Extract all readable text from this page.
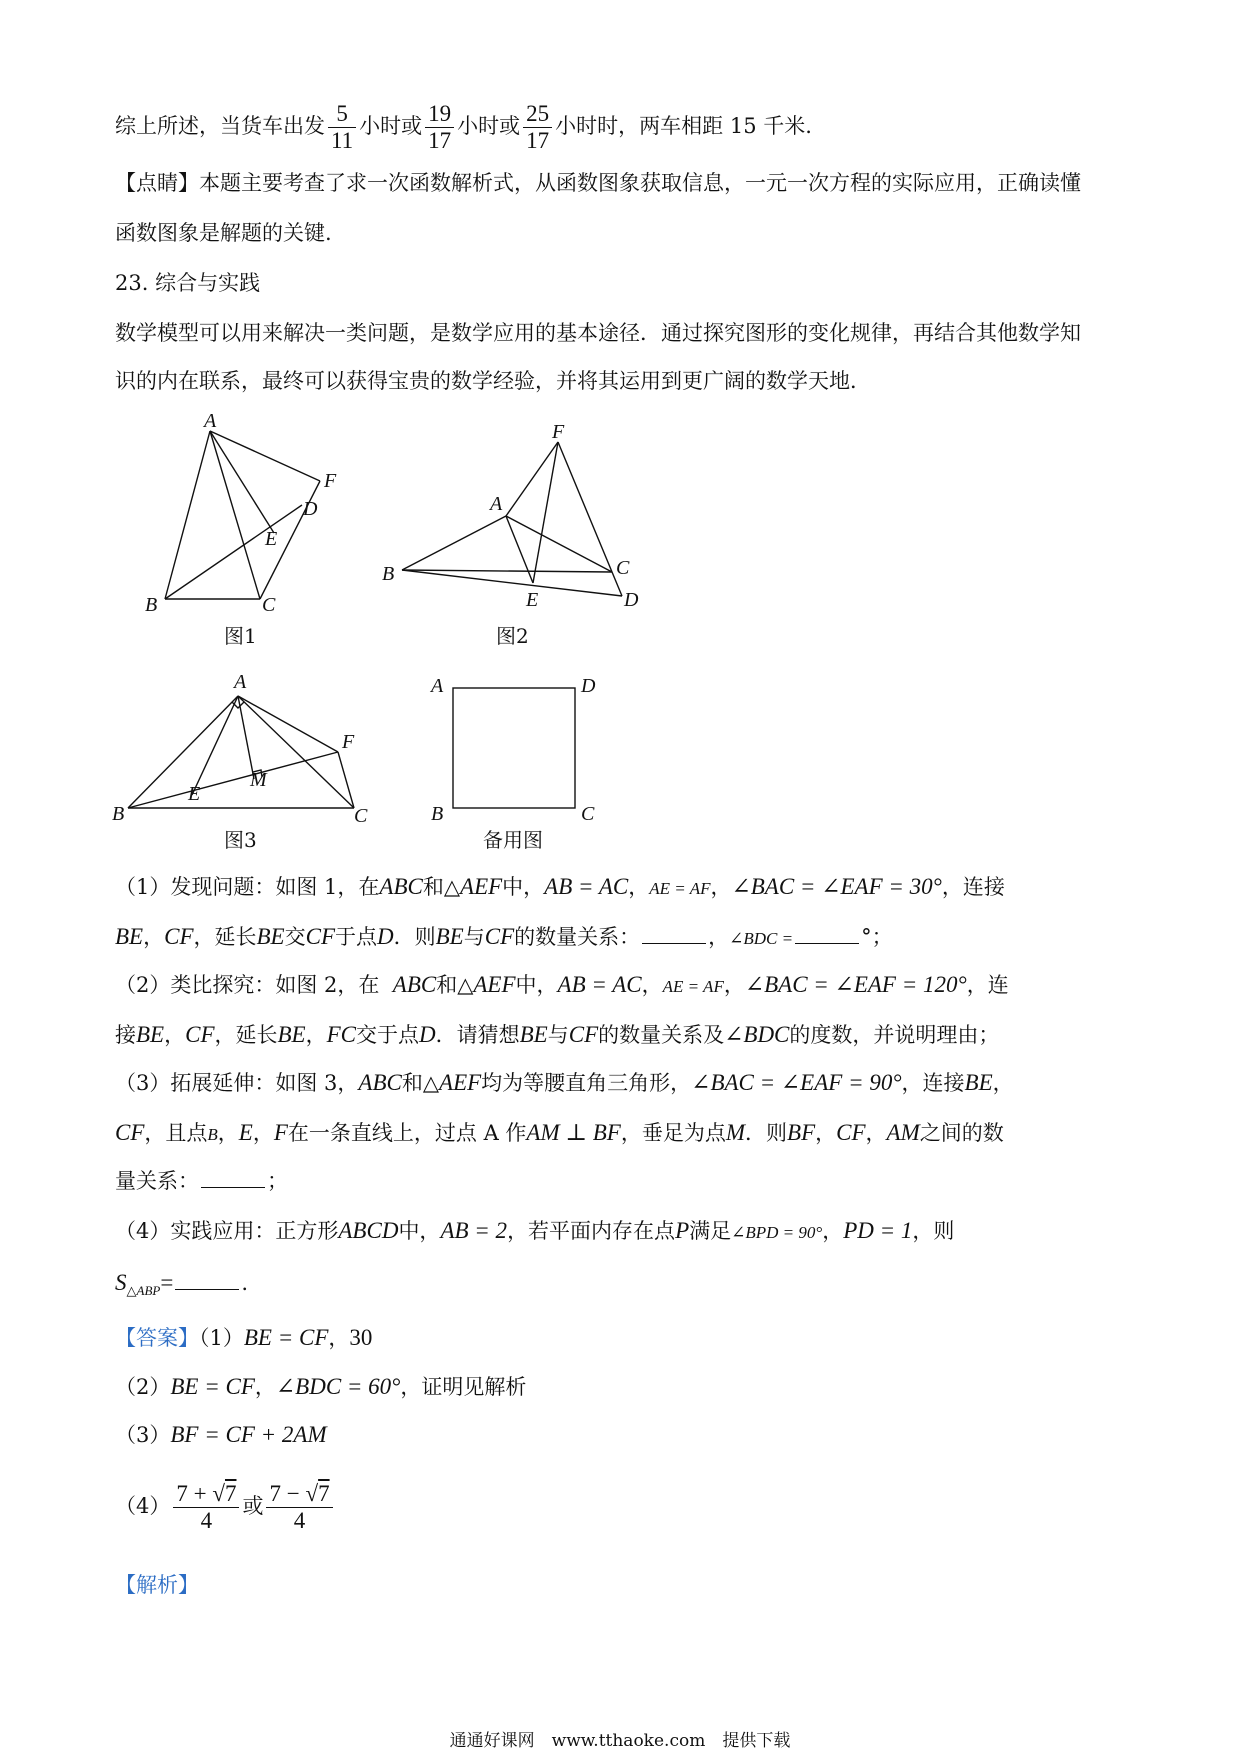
综上所述，当货车出发 $\frac{5}{11}$ 小时或 $\frac{19}{17}$ 小时或 $\frac{25}{17}$ 小时时，两车相距 15 千米.
【点睛】本题主要考查了求一次函数解析式，从函数图象获取信息，一元一次方程的实际应用，正确读懂
函数图象是解题的关键.
23. 综合与实践
数学模型可以用来解决一类问题，是数学应用的基本途径．通过探究图形的变化规律，再结合其他数学知
识的内在联系，最终可以获得宝贵的数学经验，并将其运用到更广阔的数学天地．
A
B	C
D
E
F
图1
F
A
B	C
E	D
图2
A
B	C
E
F
M
图3
A	D
B	C
备用图
（1）发现问题：如图 1，在ABC和△AEF中，AB = AC，AE = AF，∠BAC = ∠EAF = 30°，连接
BE，CF，延长BE交CF于点D．则BE与CF的数量关系：	，∠BDC =	°；
（2）类比探究：如图 2，在 ABC和△AEF中，AB = AC，AE = AF，∠BAC = ∠EAF = 120°，连
接BE，CF，延长BE，FC交于点D．请猜想BE与CF的数量关系及∠BDC的度数，并说明理由；
（3）拓展延伸：如图 3，ABC和△AEF均为等腰直角三角形，∠BAC = ∠EAF = 90°，连接BE，
CF，且点B，E，F在一条直线上，过点 A 作AM ⊥ BF，垂足为点M．则BF，CF，AM之间的数
量关系：	；
（4）实践应用：正方形ABCD中，AB = 2，若平面内存在点P满足∠BPD = 90°，PD = 1，则
$S_{\triangle ABP}=$	.
【答案】（1）BE = CF，30
（2）BE = CF，∠BDC = 60°，证明见解析
（3）BF = CF + 2AM
$(4) \frac{7 + √7}{4}$ 或 $\frac{7 - √7}{4}$
【解析】
通通好课网　www.tthaoke.com　提供下载
